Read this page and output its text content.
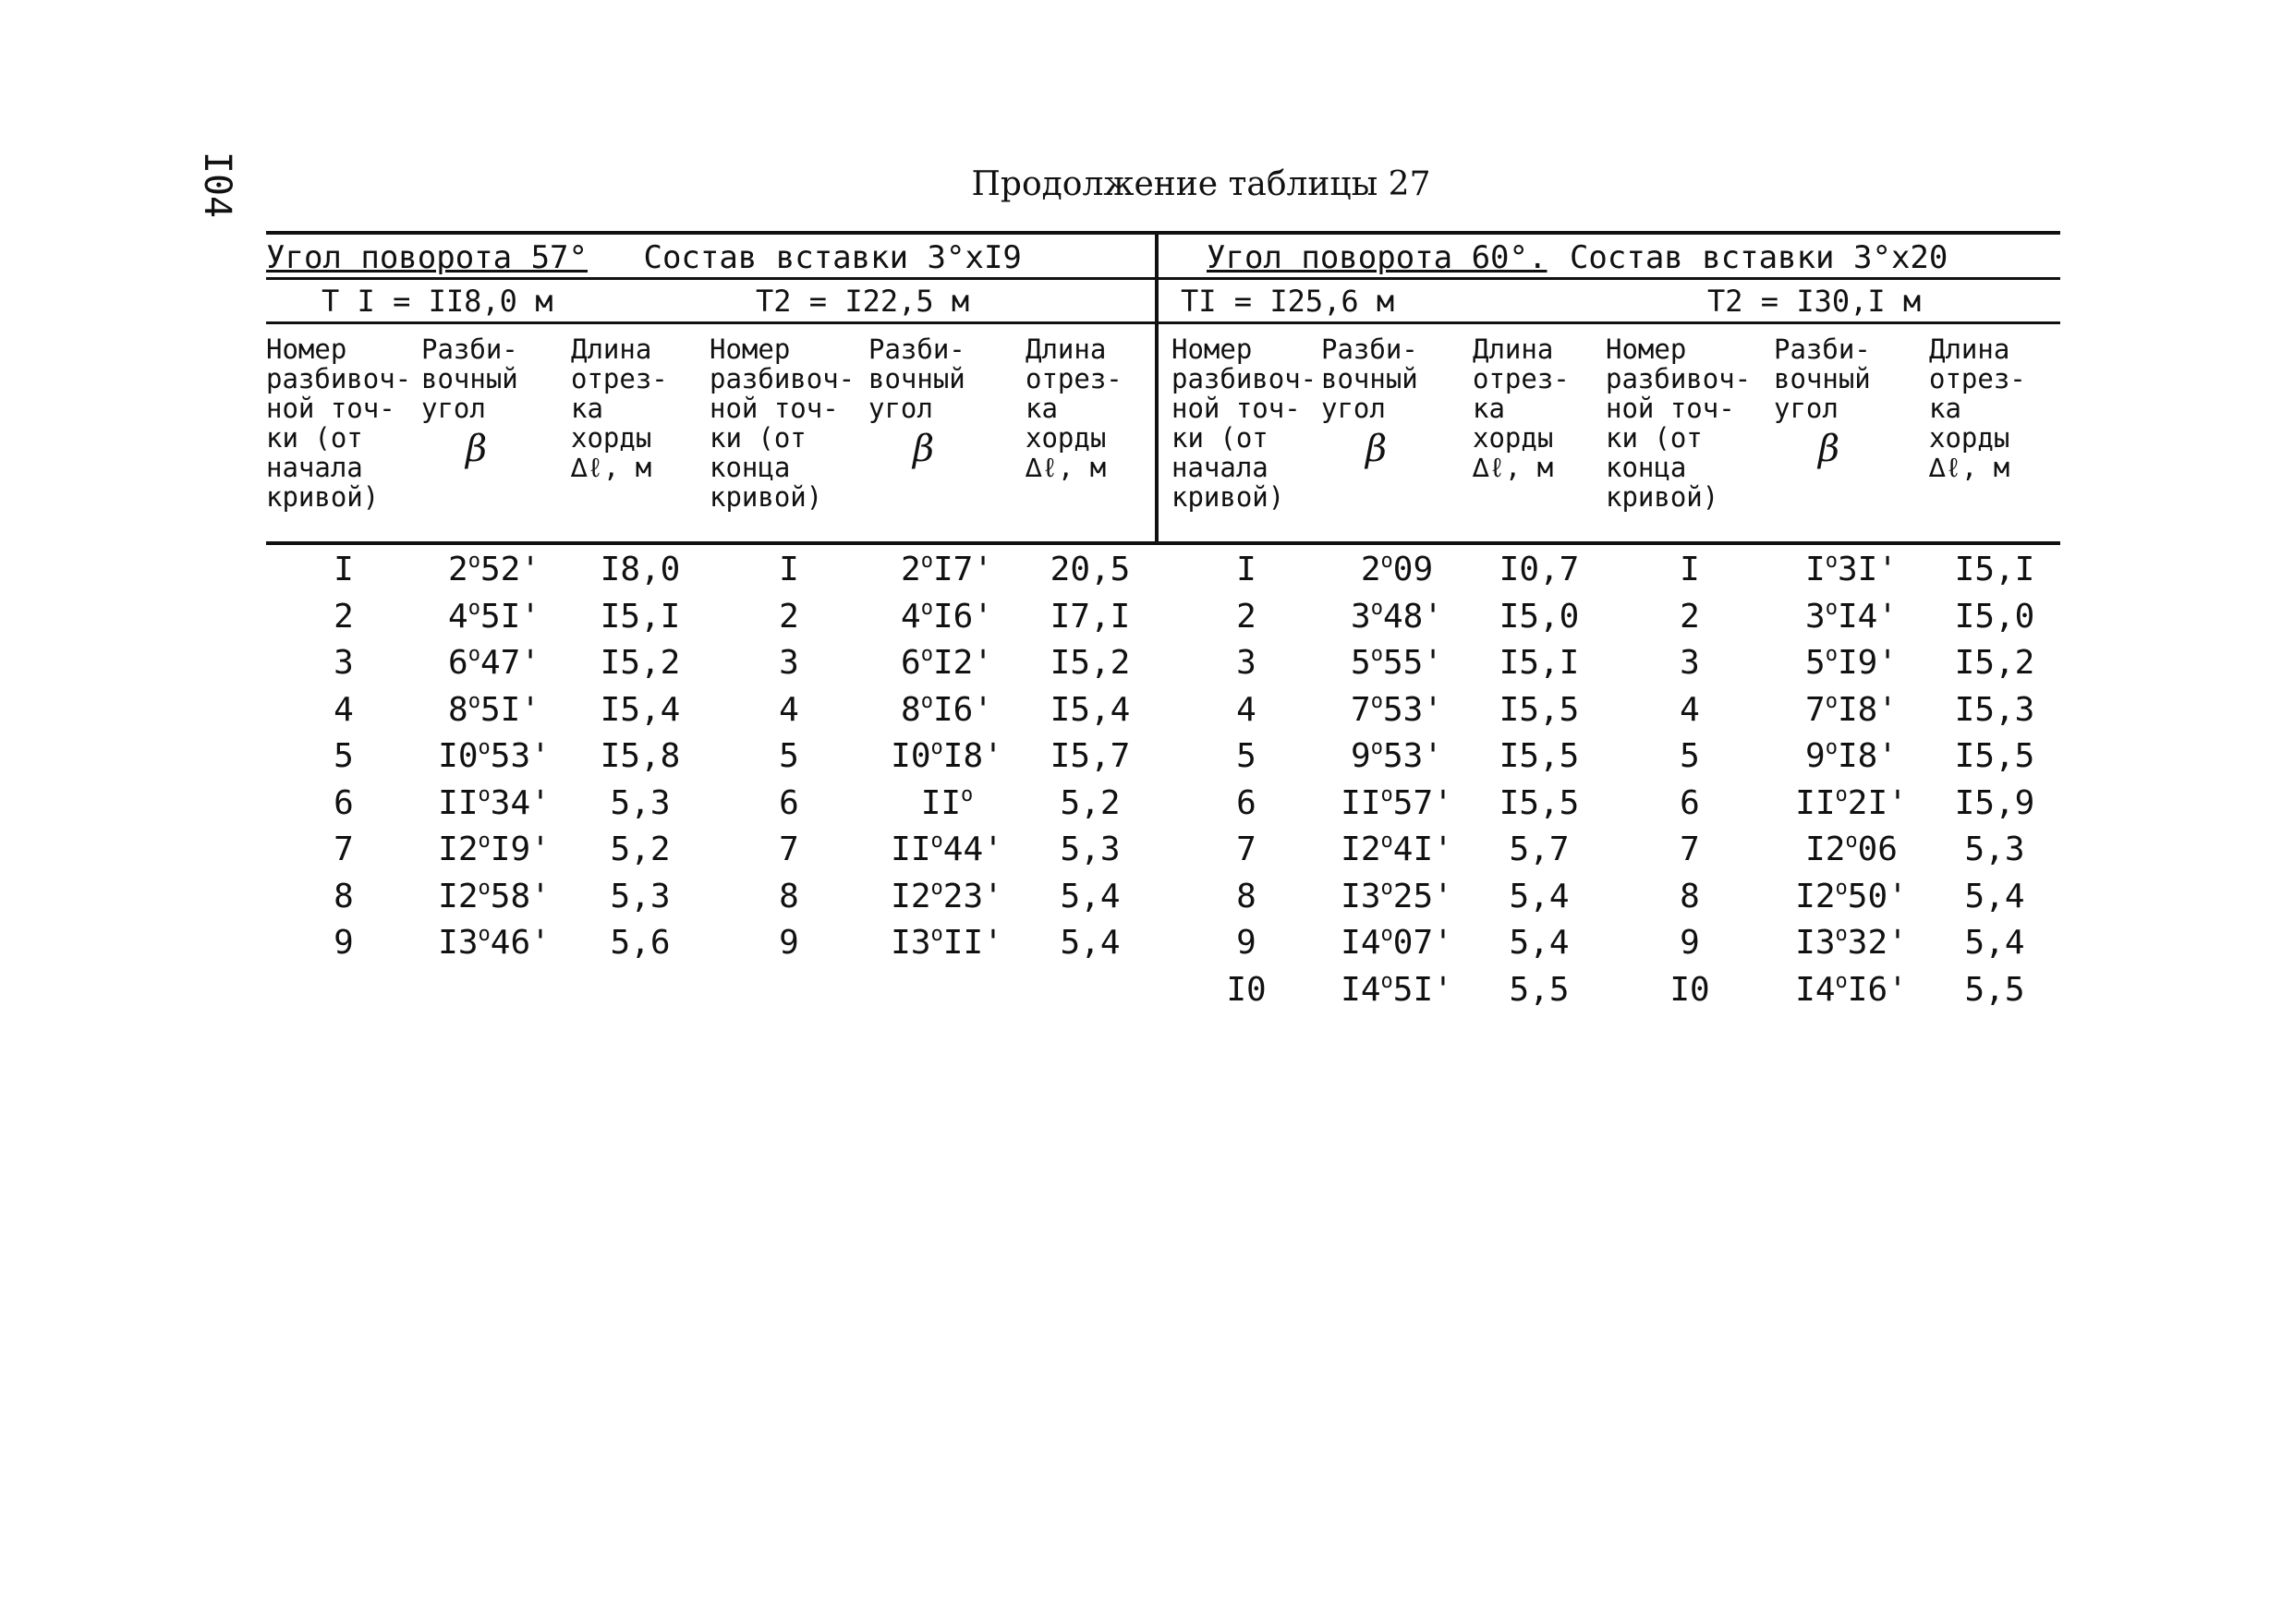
I04	Продолжение таблицы 27
Угол поворота 57° Состав вставки 3°хI9
T I = II8,0 м	T2 = I22,5 м
Угол поворота 60°. Состав вставки 3°х20
TI = I25,6 м	T2 = I30,I м
Номер
разбивоч-
ной точ-
ки (от
начала
кривой)
Разби-
вочный
угол
β
Длина
отрез-
ка
хорды
∆ℓ, м
Номер
разбивоч-
ной точ-
ки (от
конца
кривой)
Разби-
вочный
угол
β
Длина
отрез-
ка
хорды
∆ℓ, м
Номер
разбивоч-
ной точ-
ки (от
начала
кривой)
Разби-
вочный
угол
β
Длина
отрез-
ка
хорды
∆ℓ, м
Номер
разбивоч-
ной точ-
ки (от
конца
кривой)
Разби-
вочный
угол
β
Длина
отрез-
ка
хорды
∆ℓ, м
I	2$^o$52'	I8,0	I	2$^o$I7'	20,5
2	4$^o$5I'	I5,I	2	4$^o$I6'	I7,I
3	6$^o$47'	I5,2	3	6$^o$I2'	I5,2
4	8$^o$5I'	I5,4	4	8$^o$I6'	I5,4
5	I0$^o$53'	I5,8	5	I0$^o$I8'	I5,7
6	$II^o34'$	5,3	6	$II^o$	5,2
7	I2$^o$I9'	5,2	7	$II^o44'$	5,3
8	I2$^o$58'	5,3	8	I2$^o$23'	5,4
9	I3$^o$46'	5,6	9	I3$^o$II'	5,4
I	2$^o$09	I0,7	I	$I^o3I'$	I5,I
2	3$^o$48'	I5,0	2	3$^o$I4'	I5,0
3	5$^o$55'	I5,I	3	5$^o$I9'	I5,2
4	7$^o$53'	I5,5	4	7$^o$I8'	I5,3
5	9$^o$53'	I5,5	5	9$^o$I8'	I5,5
6	$II^o57'$	I5,5	6	$II^o2I'$	I5,9
7	I2$^o$4I'	5,7	7	I2$^o$06	5,3
8	I3$^o$25'	5,4	8	I2$^o$50'	5,4
9	I4$^o$07'	5,4	9	I3$^o$32'	5,4
I0	I4$^o$5I'	5,5	I0	I4$^o$I6'	5,5
